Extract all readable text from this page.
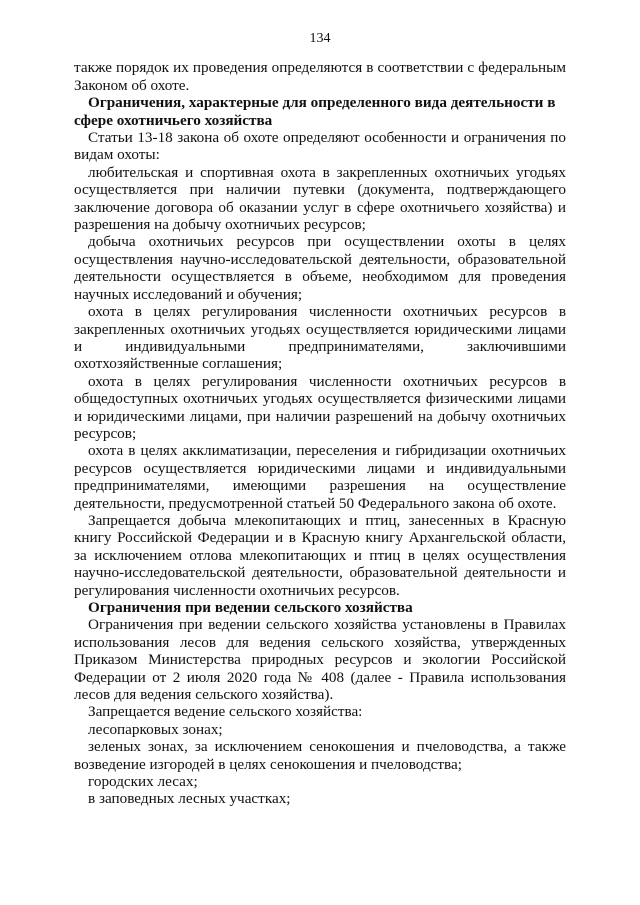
134

также порядок их проведения определяются в соответствии с федеральным Законом об охоте.

Ограничения, характерные для определенного вида деятельности в сфере охотничьего хозяйства

Статьи 13-18 закона об охоте определяют особенности и ограничения по видам охоты:

любительская и спортивная охота в закрепленных охотничьих угодьях осуществляется при наличии путевки (документа, подтверждающего заключение договора об оказании услуг в сфере охотничьего хозяйства) и разрешения на добычу охотничьих ресурсов;

добыча охотничьих ресурсов при осуществлении охоты в целях осуществления научно-исследовательской деятельности, образовательной деятельности осуществляется в объеме, необходимом для проведения научных исследований и обучения;

охота в целях регулирования численности охотничьих ресурсов в закрепленных охотничьих угодьях осуществляется юридическими лицами и индивидуальными предпринимателями, заключившими охотхозяйственные соглашения;

охота в целях регулирования численности охотничьих ресурсов в общедоступных охотничьих угодьях осуществляется физическими лицами и юридическими лицами, при наличии разрешений на добычу охотничьих ресурсов;

охота в целях акклиматизации, переселения и гибридизации охотничьих ресурсов осуществляется юридическими лицами и индивидуальными предпринимателями, имеющими разрешения на осуществление деятельности, предусмотренной статьей 50 Федерального закона об охоте.

Запрещается добыча млекопитающих и птиц, занесенных в Красную книгу Российской Федерации и в Красную книгу Архангельской области, за исключением отлова млекопитающих и птиц в целях осуществления научно-исследовательской деятельности, образовательной деятельности и регулирования численности охотничьих ресурсов.

Ограничения при ведении сельского хозяйства

Ограничения при ведении сельского хозяйства установлены в Правилах использования лесов для ведения сельского хозяйства, утвержденных Приказом Министерства природных ресурсов и экологии Российской Федерации от 2 июля 2020 года № 408 (далее - Правила использования лесов для ведения сельского хозяйства).

Запрещается ведение сельского хозяйства:

лесопарковых зонах;

зеленых зонах, за исключением сенокошения и пчеловодства, а также возведение изгородей в целях сенокошения и пчеловодства;

городских лесах;

в заповедных лесных участках;
